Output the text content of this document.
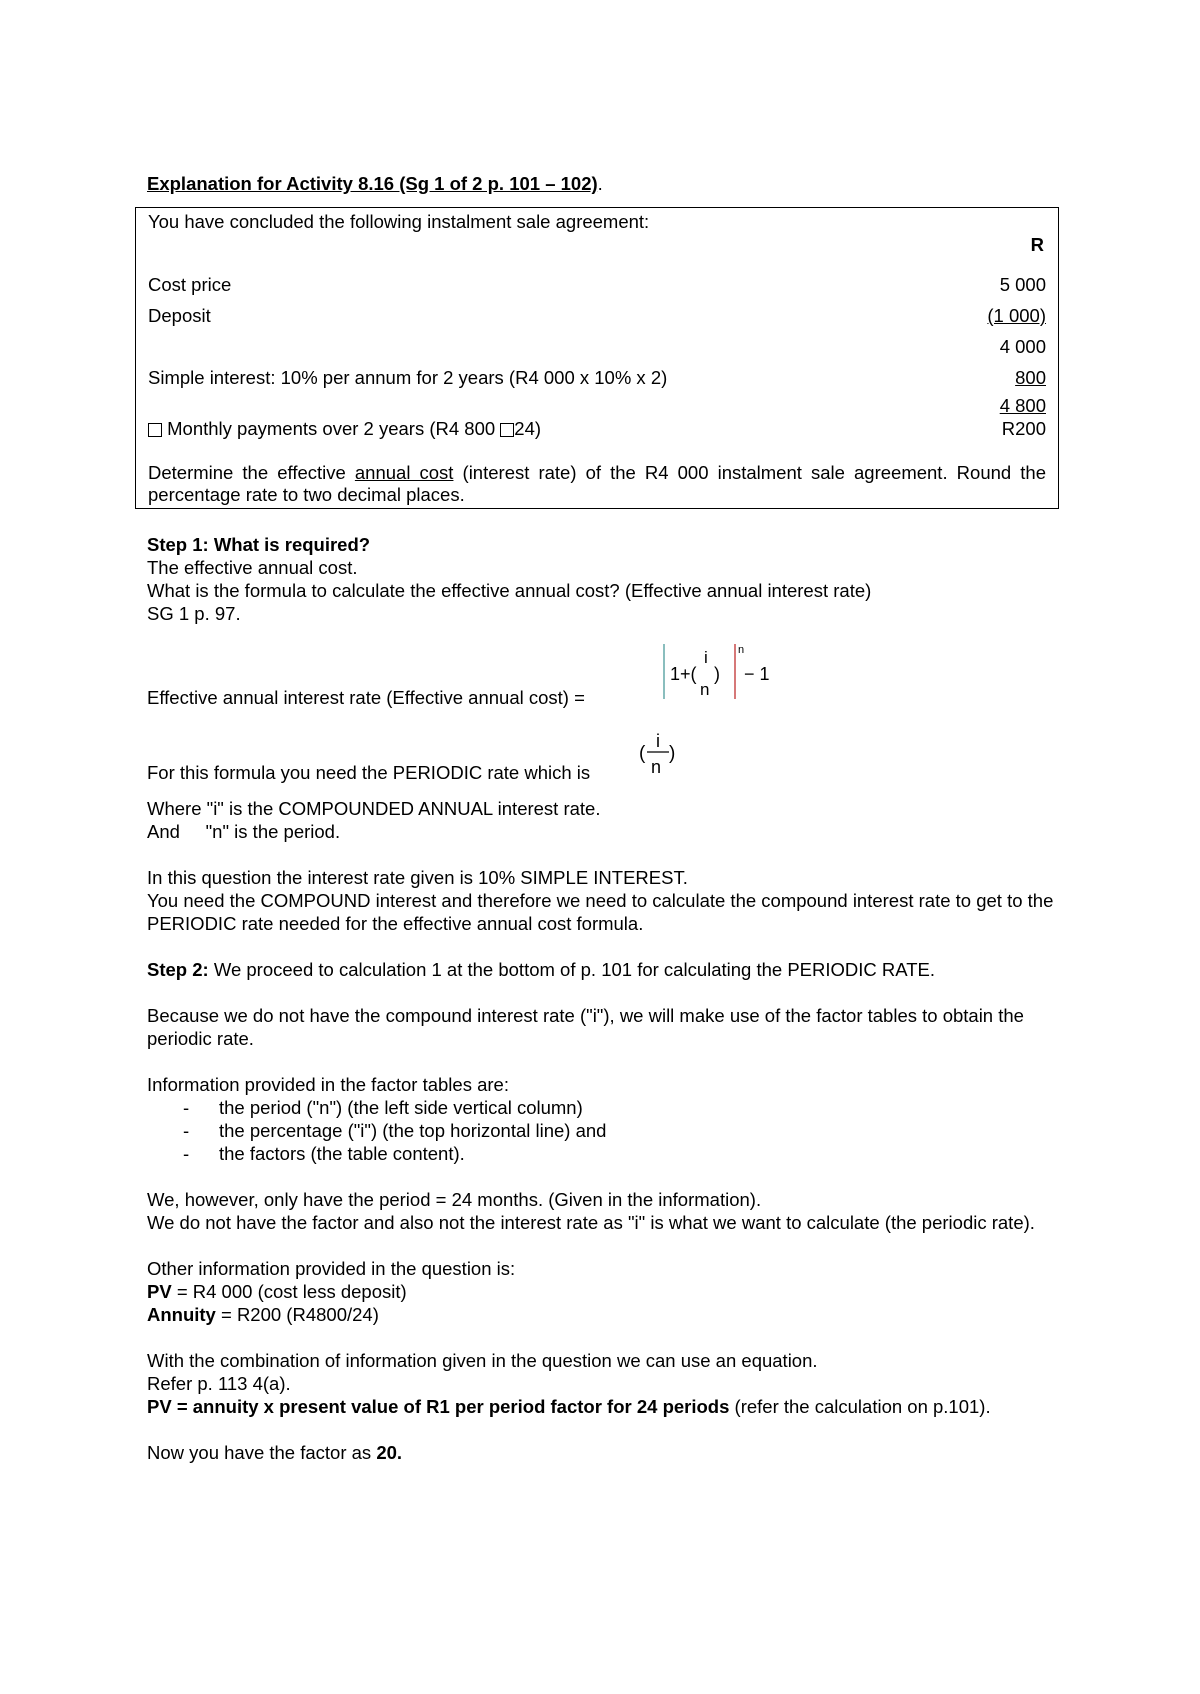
Explanation for Activity 8.16 (Sg 1 of 2 p. 101 – 102).

You have concluded the following instalment sale agreement:

R
Cost price	5 000
Deposit	(1 000)
4 000
Simple interest: 10% per annum for 2 years (R4 000 x 10% x 2)	800
4 800
Monthly payments over 2 years (R4 800 24)	R200

Determine the effective annual cost (interest rate) of the R4 000 instalment sale agreement. Round the percentage rate to two decimal places.

Step 1: What is required?

The effective annual cost.

What is the formula to calculate the effective annual cost? (Effective annual interest rate)

SG 1 p. 97.

Effective annual interest rate (Effective annual cost) =
1+(
i
n
)
n
− 1
For this formula you need the PERIODIC rate which is
(
i
n
)

Where "i" is the COMPOUNDED ANNUAL interest rate.

And     "n" is the period.

In this question the interest rate given is 10% SIMPLE INTEREST.

You need the COMPOUND interest and therefore we need to calculate the compound interest rate to get to the PERIODIC rate needed for the effective annual cost formula.

Step 2: We proceed to calculation 1 at the bottom of p. 101 for calculating the PERIODIC RATE.

Because we do not have the compound interest rate ("i"), we will make use of the factor tables to obtain the periodic rate.

Information provided in the factor tables are:

- the period ("n") (the left side vertical column)
- the percentage ("i") (the top horizontal line) and
- the factors (the table content).

We, however, only have the period = 24 months. (Given in the information).

We do not have the factor and also not the interest rate as "i" is what we want to calculate (the periodic rate).

Other information provided in the question is:

PV = R4 000 (cost less deposit)

Annuity = R200 (R4800/24)

With the combination of information given in the question we can use an equation.

Refer p. 113 4(a).

PV = annuity x present value of R1 per period factor for 24 periods (refer the calculation on p.101).

Now you have the factor as 20.
